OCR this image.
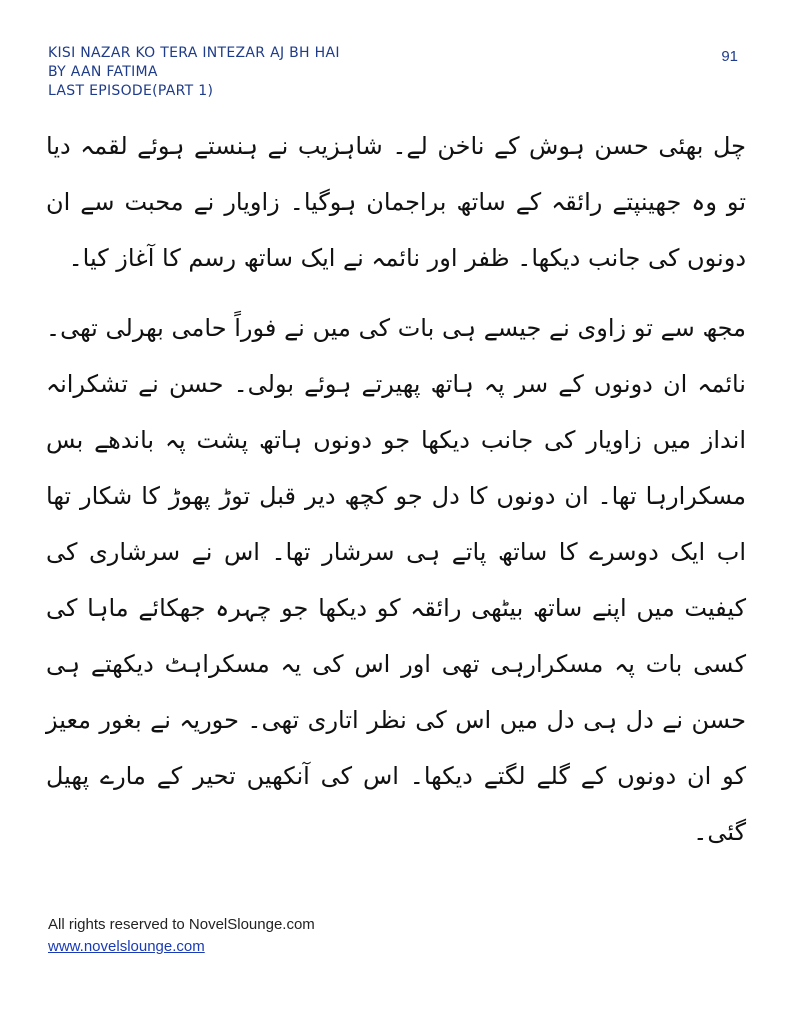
KISI NAZAR KO TERA INTEZAR AJ BH HAI
BY AAN FATIMA
LAST EPISODE(PART 1)
91

چل بھئی حسن ہوش کے ناخن لے۔ شاہزیب نے ہنستے ہوئے لقمہ دیا تو وہ جھینپتے رائقہ کے ساتھ براجمان ہوگیا۔ زاویار نے محبت سے ان دونوں کی جانب دیکھا۔ ظفر اور نائمہ نے ایک ساتھ رسم کا آغاز کیا۔

مجھ سے تو زاوی نے جیسے ہی بات کی میں نے فوراً حامی بھرلی تھی۔ نائمہ ان دونوں کے سر پہ ہاتھ پھیرتے ہوئے بولی۔ حسن نے تشکرانہ انداز میں زاویار کی جانب دیکھا جو دونوں ہاتھ پشت پہ باندھے بس مسکرارہا تھا۔ ان دونوں کا دل جو کچھ دیر قبل توڑ پھوڑ کا شکار تھا اب ایک دوسرے کا ساتھ پاتے ہی سرشار تھا۔ اس نے سرشاری کی کیفیت میں اپنے ساتھ بیٹھی رائقہ کو دیکھا جو چہرہ جھکائے ماہا کی کسی بات پہ مسکرارہی تھی اور اس کی یہ مسکراہٹ دیکھتے ہی حسن نے دل ہی دل میں اس کی نظر اتاری تھی۔ حوریہ نے بغور معیز کو ان دونوں کے گلے لگتے دیکھا۔ اس کی آنکھیں تحیر کے مارے پھیل گئی۔

All rights reserved to NovelSlounge.com
www.novelslounge.com
